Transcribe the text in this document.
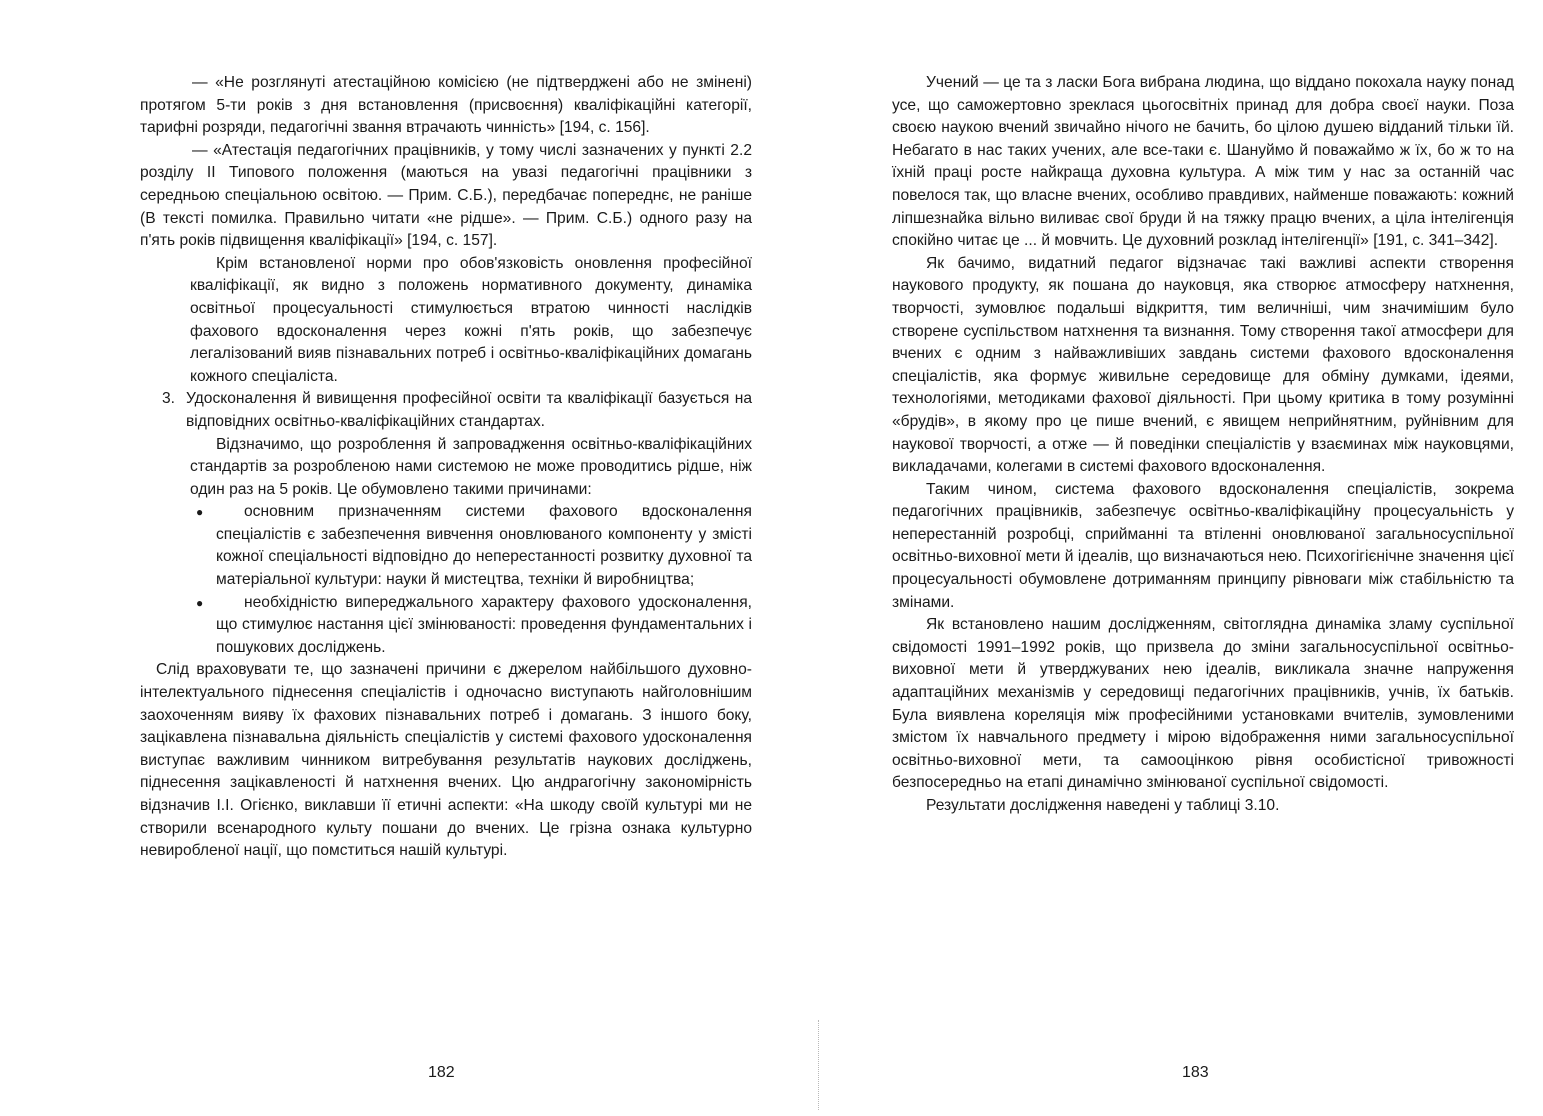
— «Не розглянуті атестаційною комісією (не підтверджені або не змінені) протягом 5-ти років з дня встановлення (присвоєння) кваліфікаційні категорії, тарифні розряди, педагогічні звання втрачають чинність» [194, с. 156].

— «Атестація педагогічних працівників, у тому числі зазначених у пункті 2.2 розділу II Типового положення (маються на увазі педагогічні працівники з середньою спеціальною освітою. — Прим. С.Б.), передбачає попереднє, не раніше (В тексті помилка. Правильно читати «не рідше». — Прим. С.Б.) одного разу на п'ять років підвищення кваліфікації» [194, с. 157].

Крім встановленої норми про обов'язковість оновлення професійної кваліфікації, як видно з положень нормативного документу, динаміка освітньої процесуальності стимулюється втратою чинності наслідків фахового вдосконалення через кожні п'ять років, що забезпечує легалізований вияв пізнавальних потреб і освітньо-кваліфікаційних домагань кожного спеціаліста.

3. Удосконалення й вивищення професійної освіти та кваліфікації базується на відповідних освітньо-кваліфікаційних стандартах.

Відзначимо, що розроблення й запровадження освітньо-кваліфікаційних стандартів за розробленою нами системою не може проводитись рідше, ніж один раз на 5 років. Це обумовлено такими причинами:

●	основним призначенням системи фахового вдосконалення спеціалістів є забезпечення вивчення оновлюваного компоненту у змісті кожної спеціальності відповідно до неперестанності розвитку духовної та матеріальної культури: науки й мистецтва, техніки й виробництва;
●	необхідністю випереджального характеру фахового удосконалення, що стимулює настання цієї змінюваності: проведення фундаментальних і пошукових досліджень.

Слід враховувати те, що зазначені причини є джерелом найбільшого духовно-інтелектуального піднесення спеціалістів і одночасно виступають найголовнішим заохоченням вияву їх фахових пізнавальних потреб і домагань. З іншого боку, зацікавлена пізнавальна діяльність спеціалістів у системі фахового удосконалення виступає важливим чинником витребування результатів наукових досліджень, піднесення зацікавленості й натхнення вчених. Цю андрагогічну закономірність відзначив І.І. Огієнко, виклавши її етичні аспекти: «На шкоду своїй культурі ми не створили всенародного культу пошани до вчених. Це грізна ознака культурно невиробленої нації, що помститься нашій культурі.

Учений — це та з ласки Бога вибрана людина, що віддано покохала науку понад усе, що саможертовно зреклася цьогосвітніх принад для добра своєї науки. Поза своєю наукою вчений звичайно нічого не бачить, бо цілою душею відданий тільки їй. Небагато в нас таких учених, але все-таки є. Шануймо й поважаймо ж їх, бо ж то на їхній праці росте найкраща духовна культура. А між тим у нас за останній час повелося так, що власне вчених, особливо правдивих, найменше поважають: кожний ліпшезнайка вільно виливає свої бруди й на тяжку працю вчених, а ціла інтелігенція спокійно читає це ... й мовчить. Це духовний розклад інтелігенції» [191, с. 341–342].

Як бачимо, видатний педагог відзначає такі важливі аспекти створення наукового продукту, як пошана до науковця, яка створює атмосферу натхнення, творчості, зумовлює подальші відкриття, тим величніші, чим значимішим було створене суспільством натхнення та визнання. Тому створення такої атмосфери для вчених є одним з найважливіших завдань системи фахового вдосконалення спеціалістів, яка формує живильне середовище для обміну думками, ідеями, технологіями, методиками фахової діяльності. При цьому критика в тому розумінні «брудів», в якому про це пише вчений, є явищем неприйнятним, руйнівним для наукової творчості, а отже — й поведінки спеціалістів у взаєминах між науковцями, викладачами, колегами в системі фахового вдосконалення.

Таким чином, система фахового вдосконалення спеціалістів, зокрема педагогічних працівників, забезпечує освітньо-кваліфікаційну процесуальність у неперестанній розробці, сприйманні та втіленні оновлюваної загальносуспільної освітньо-виховної мети й ідеалів, що визначаються нею. Психогігієнічне значення цієї процесуальності обумовлене дотриманням принципу рівноваги між стабільністю та змінами.

Як встановлено нашим дослідженням, світоглядна динаміка зламу суспільної свідомості 1991–1992 років, що призвела до зміни загальносуспільної освітньо-виховної мети й утверджуваних нею ідеалів, викликала значне напруження адаптаційних механізмів у середовищі педагогічних працівників, учнів, їх батьків. Була виявлена кореляція між професійними установками вчителів, зумовленими змістом їх навчального предмету і мірою відображення ними загальносуспільної освітньо-виховної мети, та самооцінкою рівня особистісної тривожності безпосередньо на етапі динамічно змінюваної суспільної свідомості.

Результати дослідження наведені у таблиці 3.10.

182	183
